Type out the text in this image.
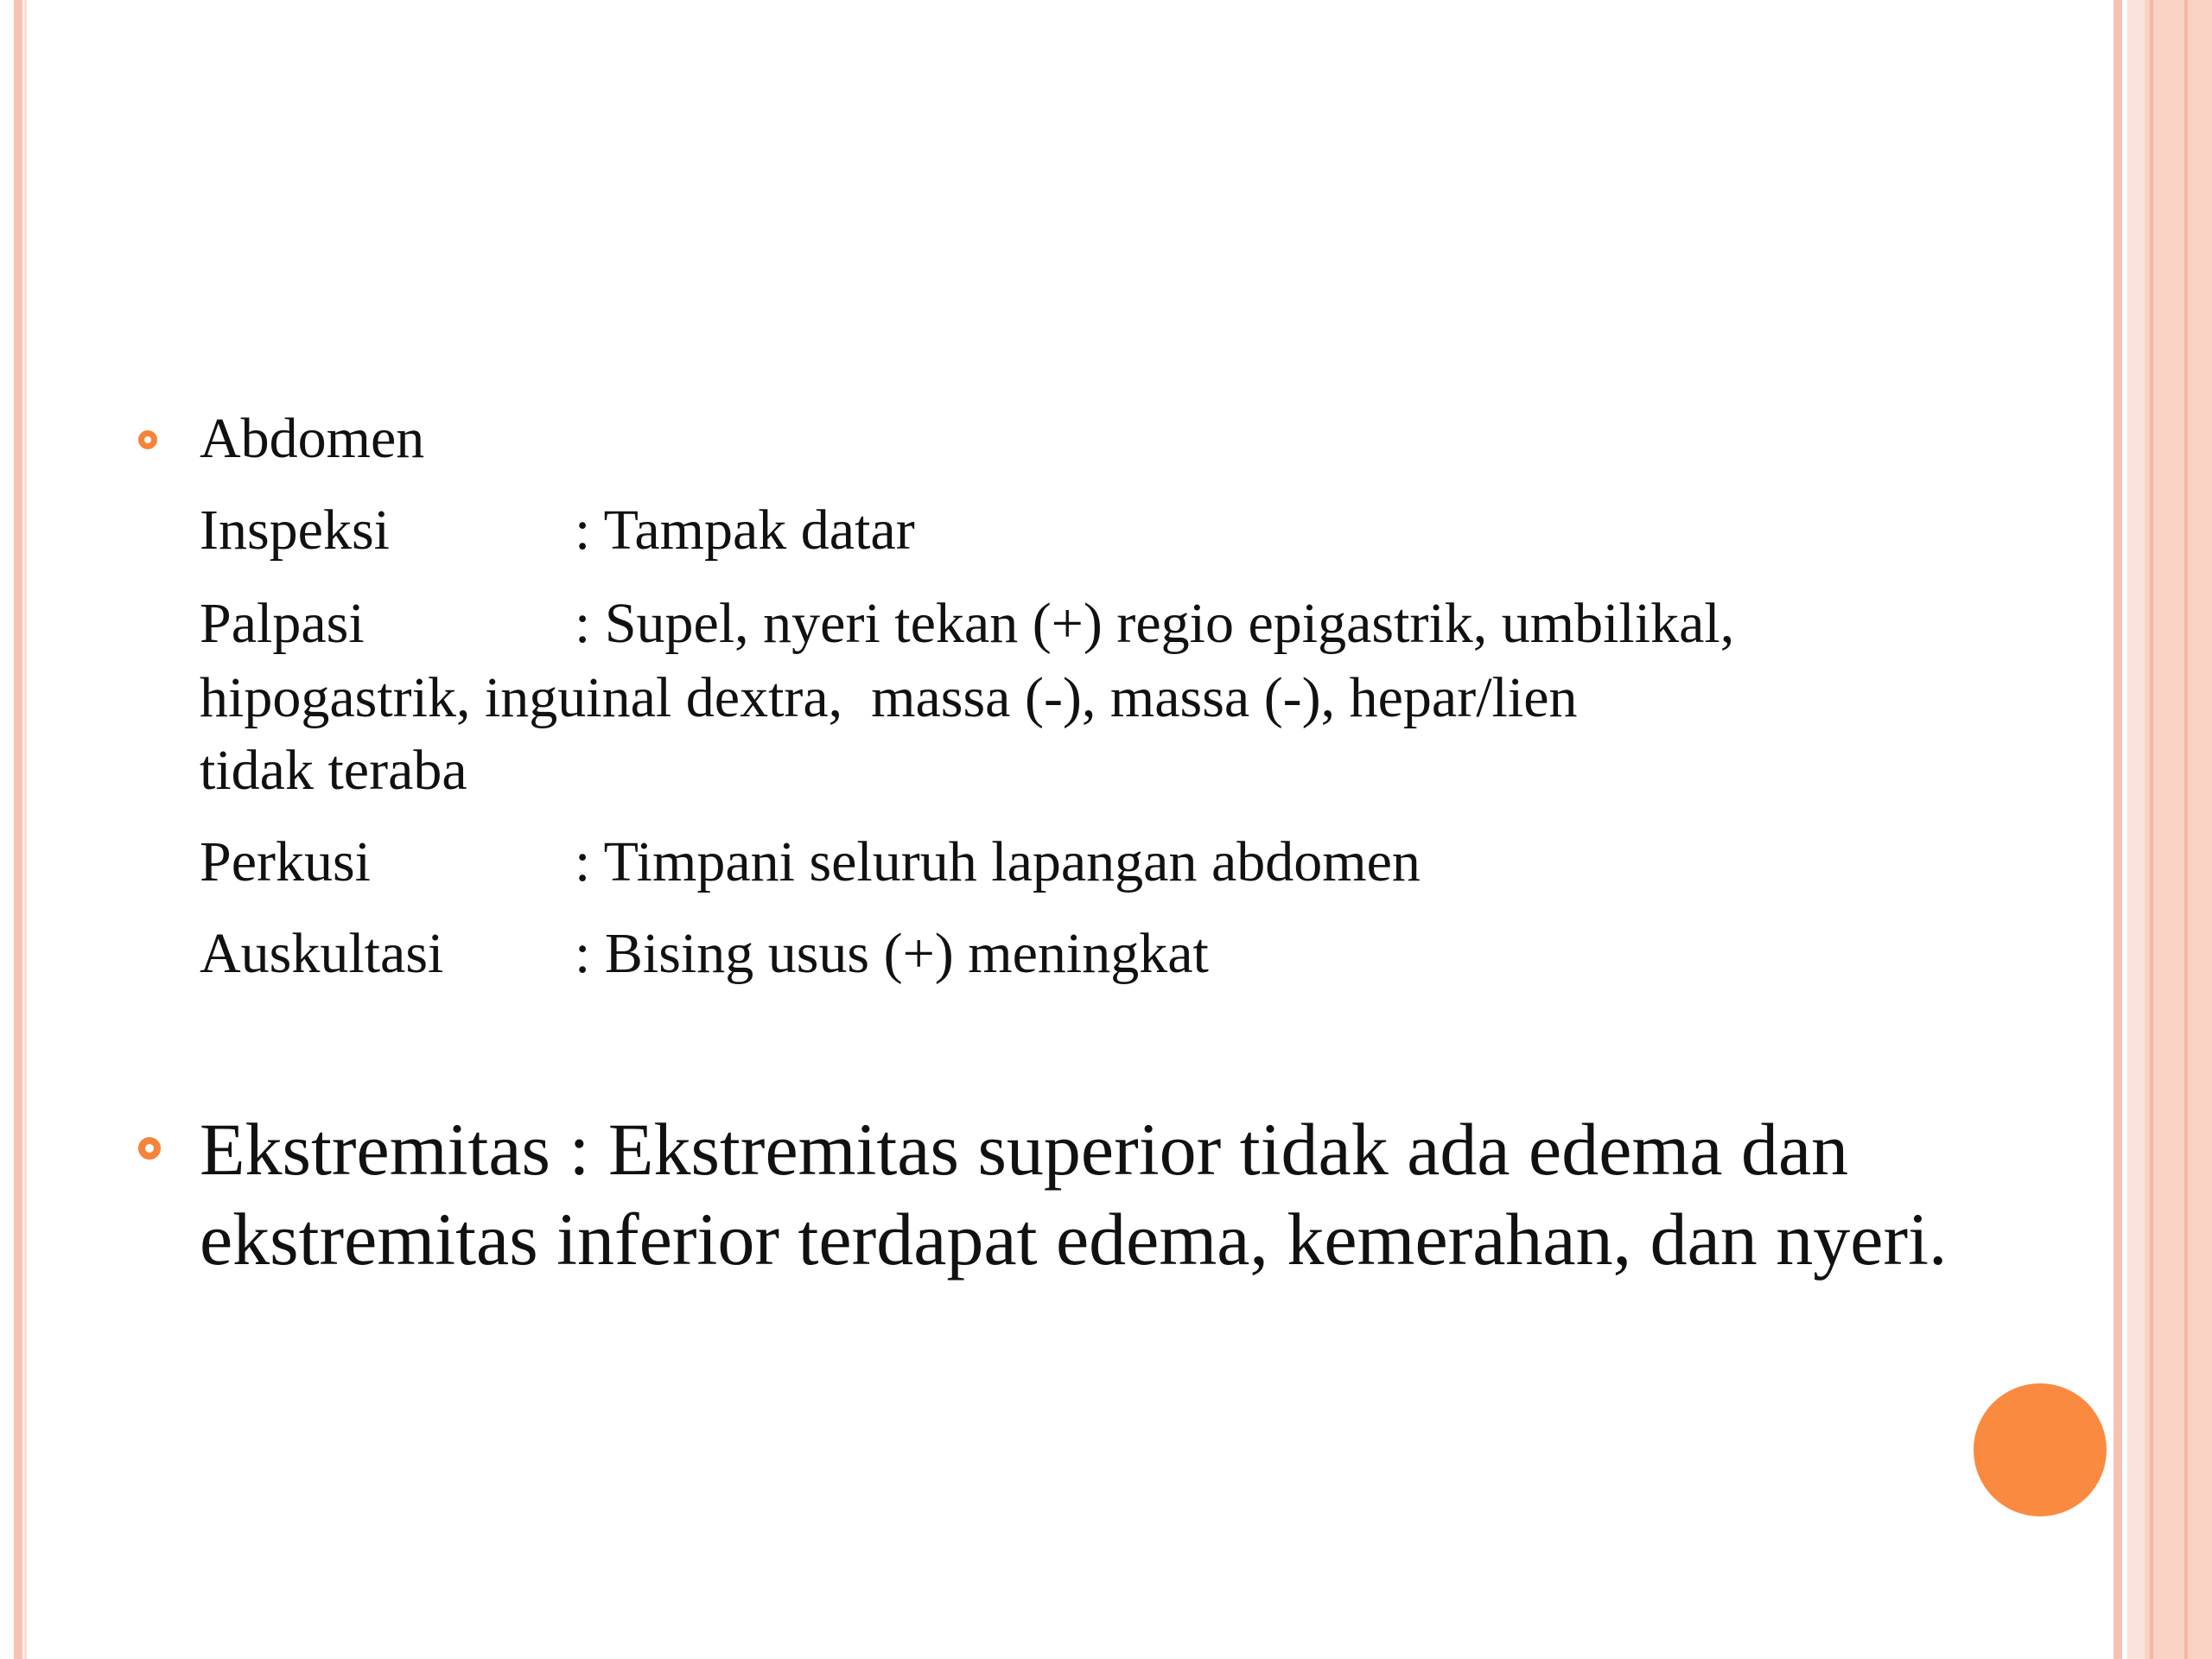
Abdomen
Inspeksi	: Tampak datar
Palpasi	: Supel, nyeri tekan (+) regio epigastrik, umbilikal,
hipogastrik, inguinal dextra,  massa (-), massa (-), hepar/lien
tidak teraba
Perkusi	: Timpani seluruh lapangan abdomen
Auskultasi : Bising usus (+) meningkat
Ekstremitas : Ekstremitas superior tidak ada edema dan ekstremitas inferior terdapat edema, kemerahan, dan nyeri.
